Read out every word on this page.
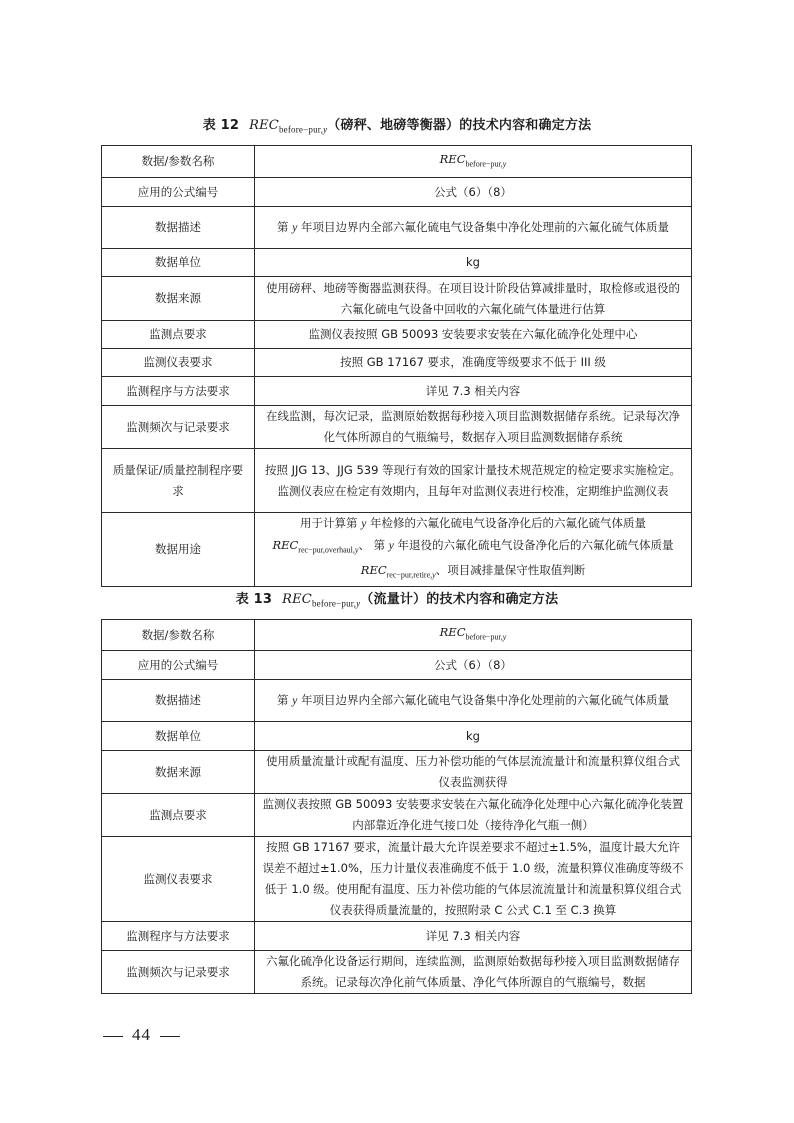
表 12 $REC_{before-pur,y}$（磅秤、地磅等衡器）的技术内容和确定方法
数据/参数名称	$REC_{before-pur,y}$
应用的公式编号	公式（6）（8）
数据描述	第 y 年项目边界内全部六氟化硫电气设备集中净化处理前的六氟化硫气体质量
数据单位	kg
数据来源	使用磅秤、地磅等衡器监测获得。在项目设计阶段估算减排量时，取检修或退役的六氟化硫电气设备中回收的六氟化硫气体量进行估算
监测点要求	监测仪表按照 GB 50093 安装要求安装在六氟化硫净化处理中心
监测仪表要求	按照 GB 17167 要求，准确度等级要求不低于 III 级
监测程序与方法要求	详见 7.3 相关内容
监测频次与记录要求	在线监测，每次记录，监测原始数据每秒接入项目监测数据储存系统。记录每次净化气体所源自的气瓶编号，数据存入项目监测数据储存系统
质量保证/质量控制程序要求	按照 JJG 13、JJG 539 等现行有效的国家计量技术规范规定的检定要求实施检定。监测仪表应在检定有效期内，且每年对监测仪表进行校准，定期维护监测仪表
数据用途	用于计算第 y 年检修的六氟化硫电气设备净化后的六氟化硫气体质量
$REC_{rec-pur,overhaul,y}$、 第 y 年退役的六氟化硫电气设备净化后的六氟化硫气体质量$REC_{rec-pur,retire,y}$、项目减排量保守性取值判断
表 13 $REC_{before-pur,y}$（流量计）的技术内容和确定方法
数据/参数名称	$REC_{before-pur,y}$
应用的公式编号	公式（6）（8）
数据描述	第 y 年项目边界内全部六氟化硫电气设备集中净化处理前的六氟化硫气体质量
数据单位	kg
数据来源	使用质量流量计或配有温度、压力补偿功能的气体层流流量计和流量积算仪组合式仪表监测获得
监测点要求	监测仪表按照 GB 50093 安装要求安装在六氟化硫净化处理中心六氟化硫净化装置内部靠近净化进气接口处（接待净化气瓶一侧）
监测仪表要求	按照 GB 17167 要求，流量计最大允许误差要求不超过±1.5%，温度计最大允许误差不超过±1.0%，压力计量仪表准确度不低于 1.0 级，流量积算仪准确度等级不低于 1.0 级。使用配有温度、压力补偿功能的气体层流流量计和流量积算仪组合式仪表获得质量流量的，按照附录 C 公式 C.1 至 C.3 换算
监测程序与方法要求	详见 7.3 相关内容
监测频次与记录要求	六氟化硫净化设备运行期间，连续监测，监测原始数据每秒接入项目监测数据储存系统。记录每次净化前气体质量、净化气体所源自的气瓶编号，数据
44
